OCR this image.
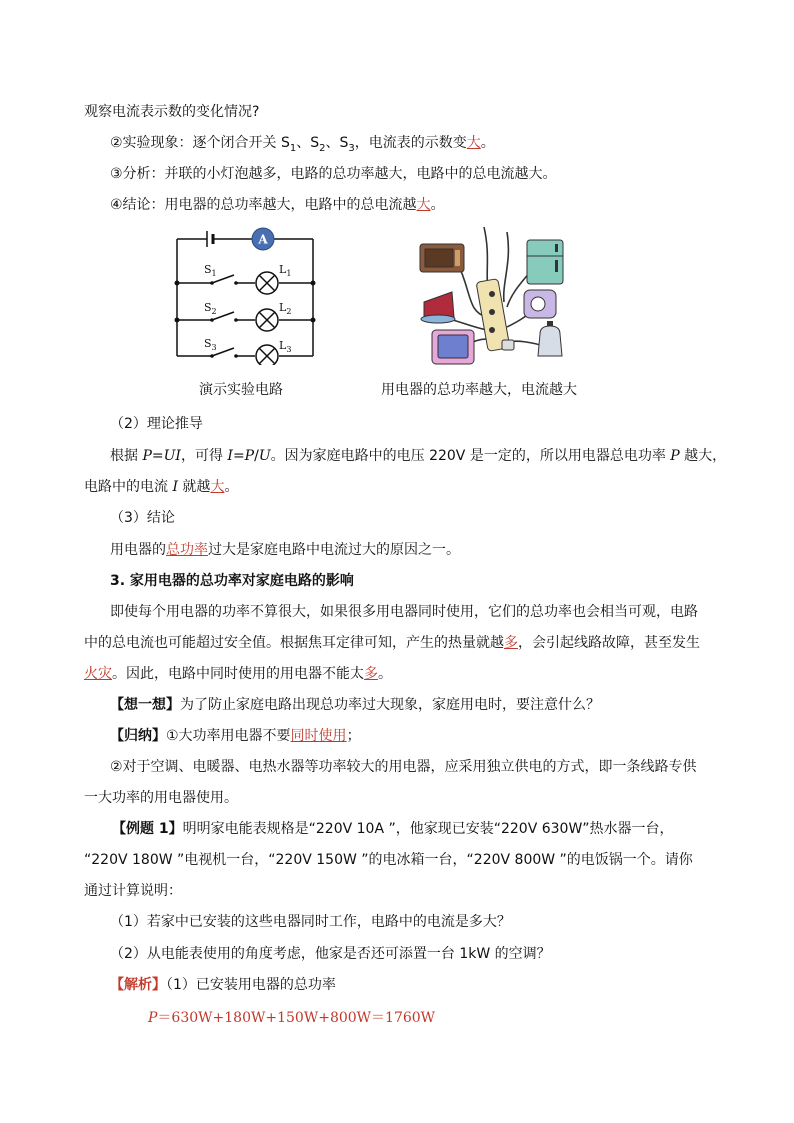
观察电流表示数的变化情况?
②实验现象：逐个闭合开关 $S_1$、$S_2$、$S_3$，电流表的示数变大。
③分析：并联的小灯泡越多，电路的总功率越大，电路中的总电流越大。
④结论：用电器的总功率越大，电路中的总电流越大。
A
$S_1$
$S_2$
$S_3$
$L_1$
$L_2$
$L_3$
演示实验电路	用电器的总功率越大，电流越大
（2）理论推导
根据 P=UI，可得 I=P/U。因为家庭电路中的电压 220V 是一定的，所以用电器总电功率 P 越大，
电路中的电流 I 就越大。
（3）结论
用电器的总功率过大是家庭电路中电流过大的原因之一。
3. 家用电器的总功率对家庭电路的影响
即使每个用电器的功率不算很大，如果很多用电器同时使用，它们的总功率也会相当可观，电路
中的总电流也可能超过安全值。根据焦耳定律可知，产生的热量就越多，会引起线路故障，甚至发生
火灾。因此，电路中同时使用的用电器不能太多。
【想一想】为了防止家庭电路出现总功率过大现象，家庭用电时，要注意什么？
【归纳】①大功率用电器不要同时使用；
②对于空调、电暖器、电热水器等功率较大的用电器，应采用独立供电的方式，即一条线路专供
一大功率的用电器使用。
【例题 1】明明家电能表规格是“220V 10A ”，他家现已安装“220V 630W”热水器一台，
“220V 180W ”电视机一台，“220V 150W ”的电冰箱一台，“220V 800W ”的电饭锅一个。请你
通过计算说明：
（1）若家中已安装的这些电器同时工作，电路中的电流是多大？
（2）从电能表使用的角度考虑，他家是否还可添置一台 1kW 的空调？
【解析】（1）已安装用电器的总功率
P＝630W+180W+150W+800W＝1760W
